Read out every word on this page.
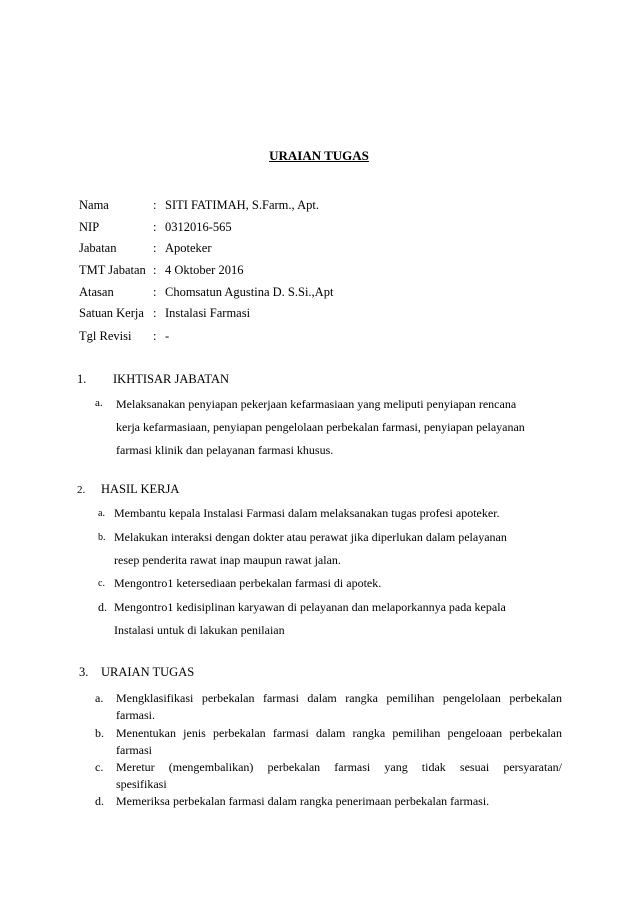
URAIAN TUGAS
Nama	: SITI FATIMAH, S.Farm., Apt.
NIP	: 0312016-565
Jabatan	: Apoteker
TMT Jabatan : 4 Oktober 2016
Atasan	: Chomsatun Agustina D. S.Si.,Apt
Satuan Kerja : Instalasi Farmasi
Tgl Revisi : -
1. IKHTISAR JABATAN
a. Melaksanakan penyiapan pekerjaan kefarmasiaan yang meliputi penyiapan rencana
kerja kefarmasiaan, penyiapan pengelolaan perbekalan farmasi, penyiapan pelayanan
farmasi klinik dan pelayanan farmasi khusus.
2. HASIL KERJA
a. Membantu kepala Instalasi Farmasi dalam melaksanakan tugas profesi apoteker.
b. Melakukan interaksi dengan dokter atau perawat jika diperlukan dalam pelayanan
resep penderita rawat inap maupun rawat jalan.
c. Mengontro1 ketersediaan perbekalan farmasi di apotek.
d. Mengontro1 kedisiplinan karyawan di pelayanan dan melaporkannya pada kepala
Instalasi untuk di lakukan penilaian
3. URAIAN TUGAS
a. Mengklasifikasi perbekalan farmasi dalam rangka pemilihan pengelolaan perbekalan
farmasi.
b. Menentukan jenis perbekalan farmasi dalam rangka pemilihan pengeloaan perbekalan
farmasi
c. Meretur (mengembalikan) perbekalan farmasi yang tidak sesuai persyaratan/
spesifikasi
d. Memeriksa perbekalan farmasi dalam rangka penerimaan perbekalan farmasi.
